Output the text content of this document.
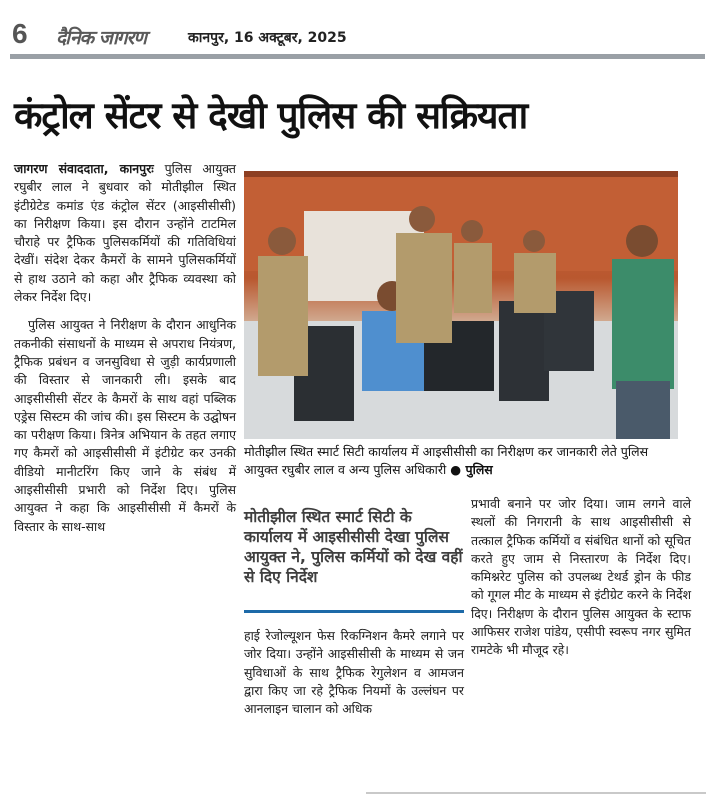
6 दैनिक जागरण	कानपुर, 16 अक्टूबर, 2025
कंट्रोल सेंटर से देखी पुलिस की सक्रियता

जागरण संवाददाता, कानपुरः पुलिस आयुक्त रघुबीर लाल ने बुधवार को मोतीझील स्थित इंटीग्रेटेड कमांड एंड कंट्रोल सेंटर (आइसीसीसी) का निरीक्षण किया। इस दौरान उन्होंने टाटमिल चौराहे पर ट्रैफिक पुलिसकर्मियों की गतिविधियां देखीं। संदेश देकर कैमरों के सामने पुलिसकर्मियों से हाथ उठाने को कहा और ट्रैफिक व्यवस्था को लेकर निर्देश दिए।

पुलिस आयुक्त ने निरीक्षण के दौरान आधुनिक तकनीकी संसाधनों के माध्यम से अपराध नियंत्रण, ट्रैफिक प्रबंधन व जनसुविधा से जुड़ी कार्यप्रणाली की विस्तार से जानकारी ली। इसके बाद आइसीसीसी सेंटर के कैमरों के साथ वहां पब्लिक एड्रेस सिस्टम की जांच की। इस सिस्टम के उद्घोषन का परीक्षण किया। त्रिनेत्र अभियान के तहत लगाए गए कैमरों को आइसीसीसी में इंटीग्रेट कर उनकी वीडियो मानीटरिंग किए जाने के संबंध में आइसीसीसी प्रभारी को निर्देश दिए। पुलिस आयुक्त ने कहा कि आइसीसीसी में कैमरों के विस्तार के साथ-साथ

मोतीझील स्थित स्मार्ट सिटी कार्यालय में आइसीसीसी का निरीक्षण कर जानकारी लेते पुलिस आयुक्त रघुबीर लाल व अन्य पुलिस अधिकारी ● पुलिस
मोतीझील स्थित स्मार्ट सिटी के कार्यालय में आइसीसीसी देखा पुलिस आयुक्त ने, पुलिस कर्मियों को देख वहीं से दिए निर्देश

हाई रेजोल्यूशन फेस रिकग्निशन कैमरे लगाने पर जोर दिया। उन्होंने आइसीसीसी के माध्यम से जन सुविधाओं के साथ ट्रैफिक रेगुलेशन व आमजन द्वारा किए जा रहे ट्रैफिक नियमों के उल्लंघन पर आनलाइन चालान को अधिक

प्रभावी बनाने पर जोर दिया। जाम लगने वाले स्थलों की निगरानी के साथ आइसीसीसी से तत्काल ट्रैफिक कर्मियों व संबंधित थानों को सूचित करते हुए जाम से निस्तारण के निर्देश दिए। कमिश्नरेट पुलिस को उपलब्ध टेथर्ड ड्रोन के फीड को गूगल मीट के माध्यम से इंटीग्रेट करने के निर्देश दिए। निरीक्षण के दौरान पुलिस आयुक्त के स्टाफ आफिसर राजेश पांडेय, एसीपी स्वरूप नगर सुमित रामटेके भी मौजूद रहे।
